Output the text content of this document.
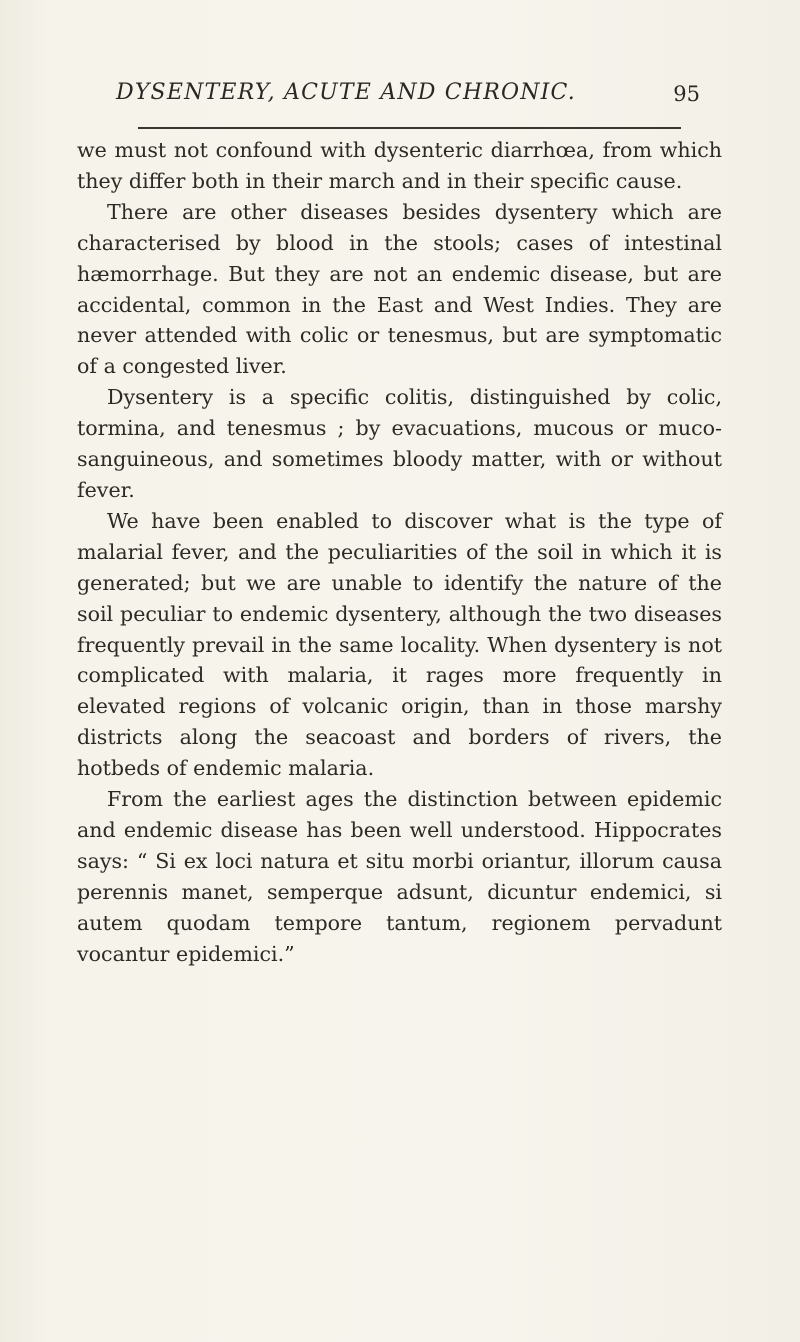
DYSENTERY, ACUTE AND CHRONIC.	95

we must not confound with dysenteric diarrhœa, from which they differ both in their march and in their specific cause.

There are other diseases besides dysentery which are characterised by blood in the stools; cases of intestinal hæmorrhage. But they are not an endemic disease, but are accidental, common in the East and West Indies. They are never attended with colic or tenesmus, but are symptomatic of a congested liver.

Dysentery is a specific colitis, distinguished by colic, tormina, and tenesmus ; by evacuations, mucous or muco-sanguineous, and sometimes bloody matter, with or without fever.

We have been enabled to discover what is the type of malarial fever, and the peculiarities of the soil in which it is generated; but we are unable to identify the nature of the soil peculiar to endemic dysentery, although the two diseases frequently prevail in the same locality. When dysentery is not complicated with malaria, it rages more frequently in elevated regions of volcanic origin, than in those marshy districts along the seacoast and borders of rivers, the hotbeds of endemic malaria.

From the earliest ages the distinction between epidemic and endemic disease has been well understood. Hippocrates says: “ Si ex loci natura et situ morbi oriantur, illorum causa perennis manet, semperque adsunt, dicuntur endemici, si autem quodam tempore tantum, regionem pervadunt vocantur epidemici.”
